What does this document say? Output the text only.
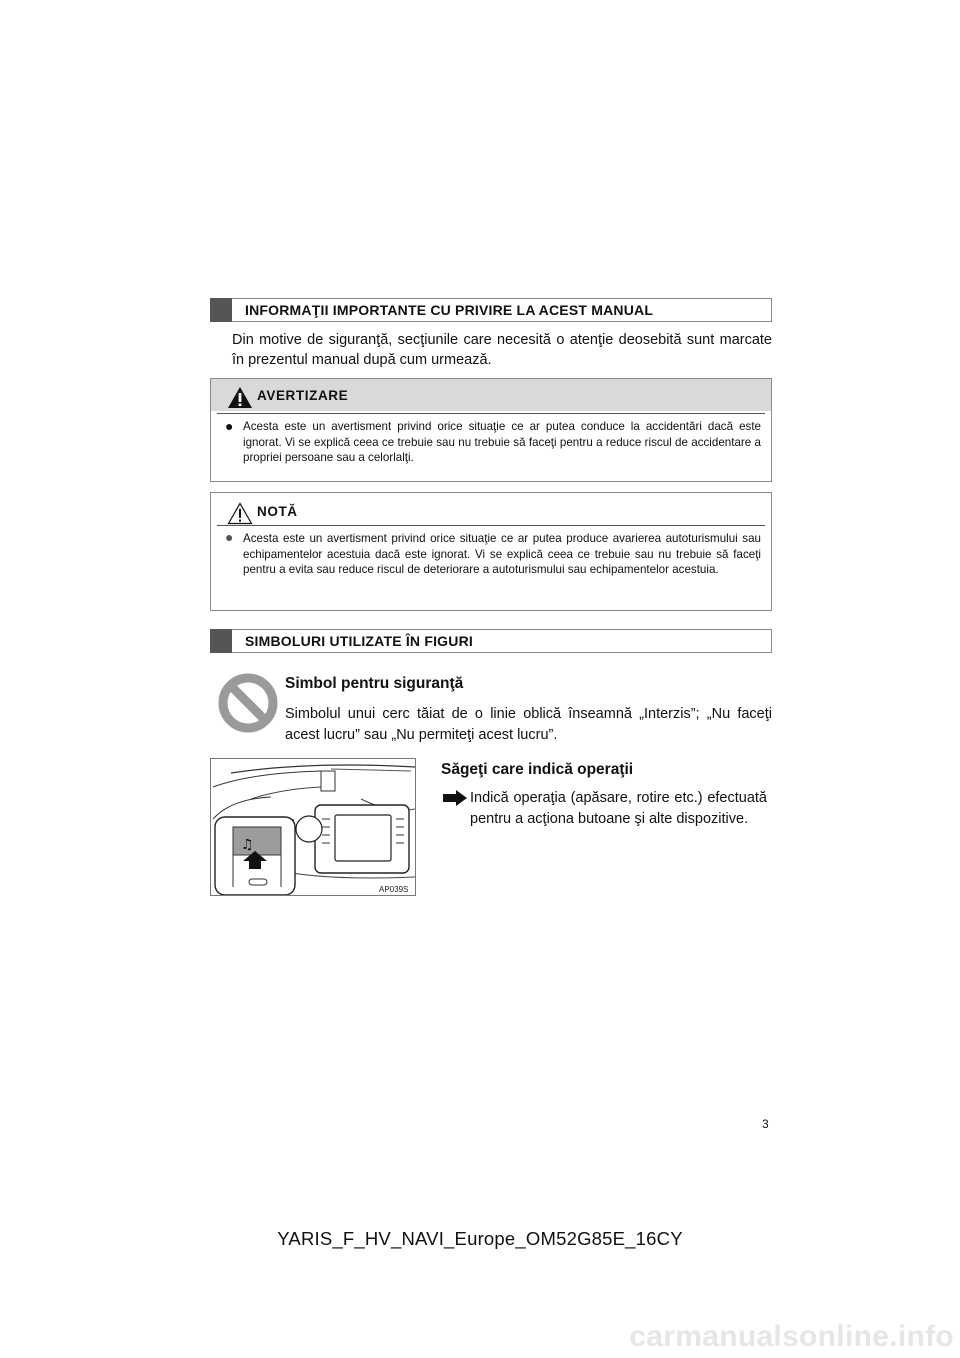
INFORMAŢII IMPORTANTE CU PRIVIRE LA ACEST MANUAL
Din motive de siguranţă, secţiunile care necesită o atenţie deosebită sunt marcate în prezentul manual după cum urmează.
AVERTIZARE
● Acesta este un avertisment privind orice situaţie ce ar putea conduce la accidentări dacă este ignorat. Vi se explică ceea ce trebuie sau nu trebuie să faceţi pentru a reduce riscul de accidentare a propriei persoane sau a celorlalţi.
NOTĂ
● Acesta este un avertisment privind orice situaţie ce ar putea produce avarierea autoturismului sau echipamentelor acestuia dacă este ignorat. Vi se explică ceea ce trebuie sau nu trebuie să faceţi pentru a evita sau reduce riscul de deteriorare a autoturismului sau echipamentelor acestuia.
SIMBOLURI UTILIZATE ÎN FIGURI
Simbol pentru siguranţă
Simbolul unui cerc tăiat de o linie oblică înseamnă „Interzis”; „Nu faceţi acest lucru” sau „Nu permiteţi acest lucru”.
♫
AP039S
Săgeţi care indică operaţii
Indică operaţia (apăsare, rotire etc.) efectuată pentru a acţiona butoane şi alte dispozitive.
3
YARIS_F_HV_NAVI_Europe_OM52G85E_16CY
carmanualsonline.info
